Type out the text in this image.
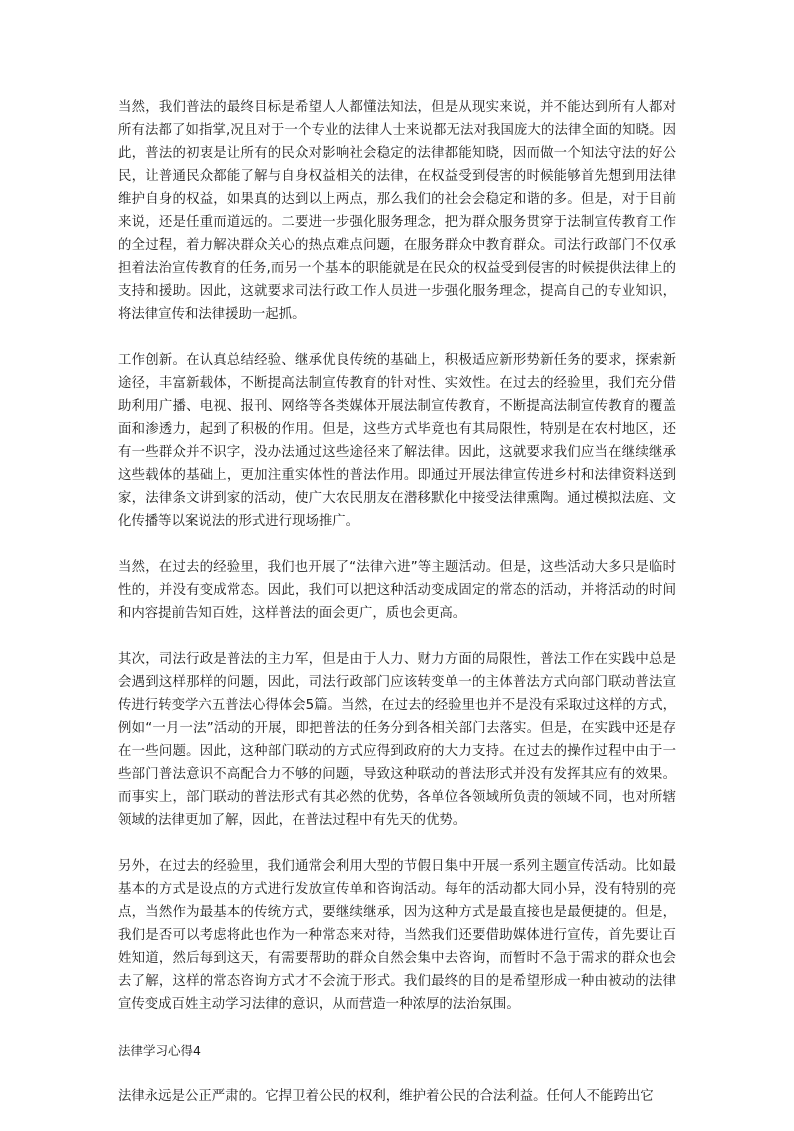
当然，我们普法的最终目标是希望人人都懂法知法，但是从现实来说，并不能达到所有人都对所有法都了如指掌,况且对于一个专业的法律人士来说都无法对我国庞大的法律全面的知晓。因此，普法的初衷是让所有的民众对影响社会稳定的法律都能知晓，因而做一个知法守法的好公民，让普通民众都能了解与自身权益相关的法律，在权益受到侵害的时候能够首先想到用法律维护自身的权益，如果真的达到以上两点，那么我们的社会会稳定和谐的多。但是，对于目前来说，还是任重而道远的。二要进一步强化服务理念，把为群众服务贯穿于法制宣传教育工作的全过程，着力解决群众关心的热点难点问题，在服务群众中教育群众。司法行政部门不仅承担着法治宣传教育的任务,而另一个基本的职能就是在民众的权益受到侵害的时候提供法律上的支持和援助。因此，这就要求司法行政工作人员进一步强化服务理念，提高自己的专业知识，将法律宣传和法律援助一起抓。

工作创新。在认真总结经验、继承优良传统的基础上，积极适应新形势新任务的要求，探索新途径，丰富新载体，不断提高法制宣传教育的针对性、实效性。在过去的经验里，我们充分借助利用广播、电视、报刊、网络等各类媒体开展法制宣传教育，不断提高法制宣传教育的覆盖面和渗透力，起到了积极的作用。但是，这些方式毕竟也有其局限性，特别是在农村地区，还有一些群众并不识字，没办法通过这些途径来了解法律。因此，这就要求我们应当在继续继承这些载体的基础上，更加注重实体性的普法作用。即通过开展法律宣传进乡村和法律资料送到家，法律条文讲到家的活动，使广大农民朋友在潜移默化中接受法律熏陶。通过模拟法庭、文化传播等以案说法的形式进行现场推广。

当然，在过去的经验里，我们也开展了“法律六进”等主题活动。但是，这些活动大多只是临时性的，并没有变成常态。因此，我们可以把这种活动变成固定的常态的活动，并将活动的时间和内容提前告知百姓，这样普法的面会更广，质也会更高。

其次，司法行政是普法的主力军，但是由于人力、财力方面的局限性，普法工作在实践中总是会遇到这样那样的问题，因此，司法行政部门应该转变单一的主体普法方式向部门联动普法宣传进行转变学六五普法心得体会5篇。当然，在过去的经验里也并不是没有采取过这样的方式，例如“一月一法”活动的开展，即把普法的任务分到各相关部门去落实。但是，在实践中还是存在一些问题。因此，这种部门联动的方式应得到政府的大力支持。在过去的操作过程中由于一些部门普法意识不高配合力不够的问题，导致这种联动的普法形式并没有发挥其应有的效果。而事实上，部门联动的普法形式有其必然的优势，各单位各领域所负责的领域不同，也对所辖领域的法律更加了解，因此，在普法过程中有先天的优势。

另外，在过去的经验里，我们通常会利用大型的节假日集中开展一系列主题宣传活动。比如最基本的方式是设点的方式进行发放宣传单和咨询活动。每年的活动都大同小异，没有特别的亮点，当然作为最基本的传统方式，要继续继承，因为这种方式是最直接也是最便捷的。但是，我们是否可以考虑将此也作为一种常态来对待，当然我们还要借助媒体进行宣传，首先要让百姓知道，然后每到这天，有需要帮助的群众自然会集中去咨询，而暂时不急于需求的群众也会去了解，这样的常态咨询方式才不会流于形式。我们最终的目的是希望形成一种由被动的法律宣传变成百姓主动学习法律的意识，从而营造一种浓厚的法治氛围。

法律学习心得4

法律永远是公正严肃的。它捍卫着公民的权利，维护着公民的合法利益。任何人不能跨出它
